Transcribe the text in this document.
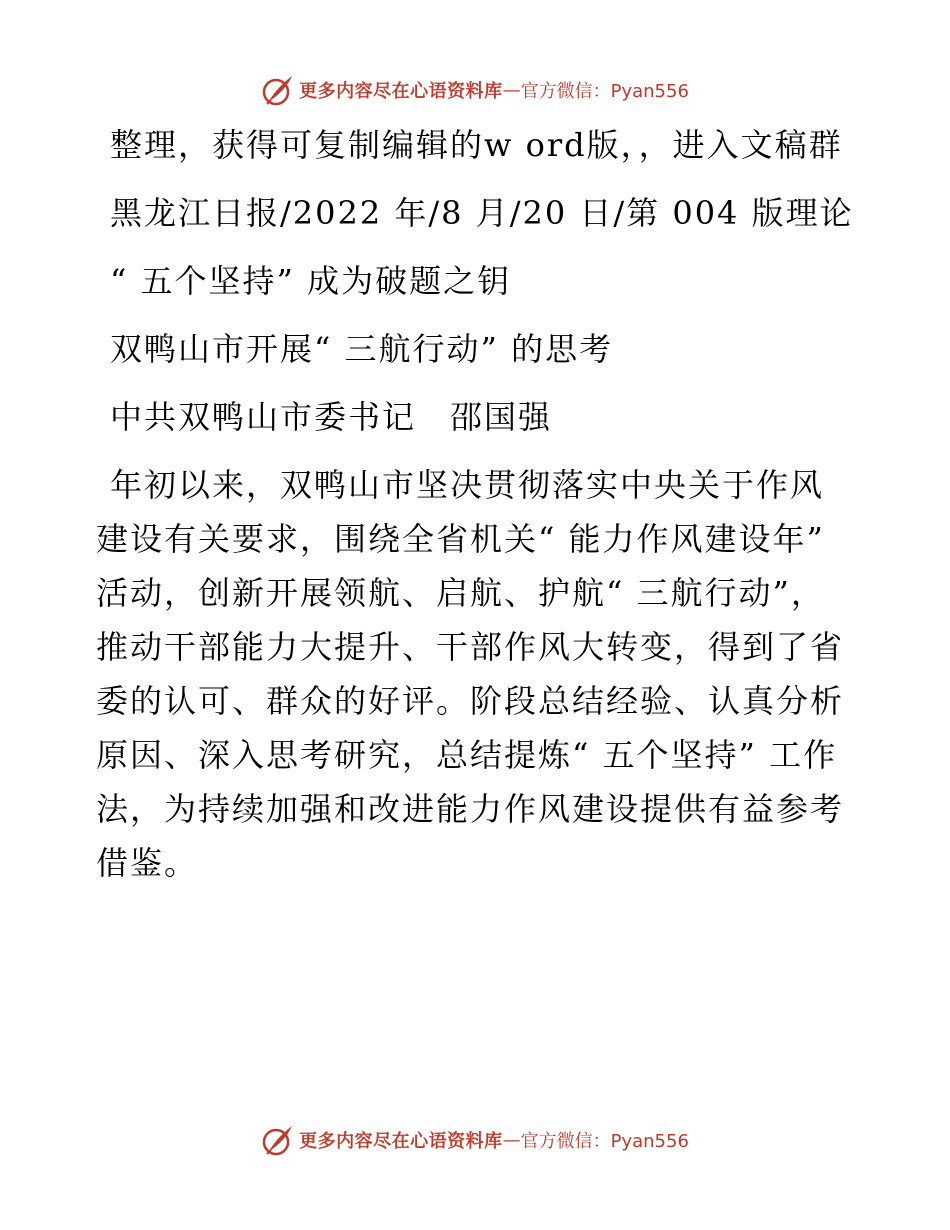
更多内容尽在心语资料库 — 官方微信：Pyan556

整理，获得可复制编辑的w ord版，，进入文稿群

黑龙江日报/2022 年/8 月/20 日/第 004 版理论

“ 五个坚持” 成为破题之钥

双鸭山市开展“ 三航行动” 的思考

中共双鸭山市委书记　邵国强

年初以来，双鸭山市坚决贯彻落实中央关于作风建设有关要求，围绕全省机关“ 能力作风建设年” 活动，创新开展领航、启航、护航“ 三航行动”，推动干部能力大提升、干部作风大转变，得到了省委的认可、群众的好评。阶段总结经验、认真分析原因、深入思考研究，总结提炼“ 五个坚持” 工作法，为持续加强和改进能力作风建设提供有益参考借鉴。

更多内容尽在心语资料库 — 官方微信：Pyan556
